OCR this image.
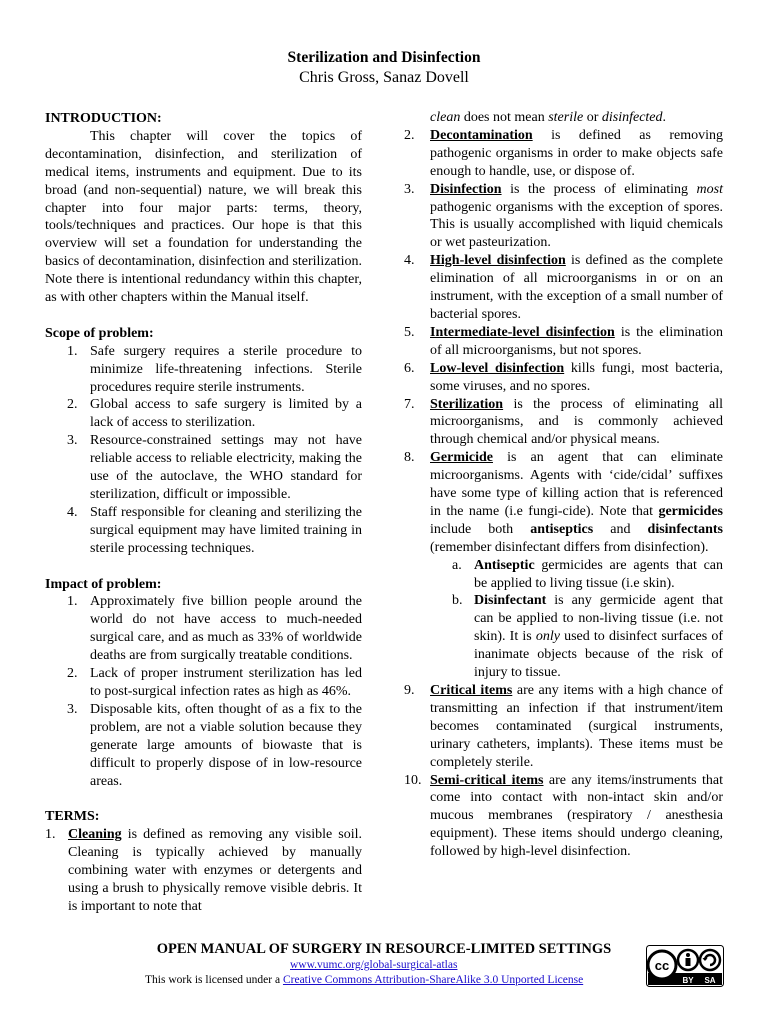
Sterilization and Disinfection
Chris Gross, Sanaz Dovell

INTRODUCTION:

This chapter will cover the topics of decontamination, disinfection, and sterilization of medical items, instruments and equipment. Due to its broad (and non-sequential) nature, we will break this chapter into four major parts: terms, theory, tools/techniques and practices. Our hope is that this overview will set a foundation for understanding the basics of decontamination, disinfection and sterilization. Note there is intentional redundancy within this chapter, as with other chapters within the Manual itself.

Scope of problem:

1. Safe surgery requires a sterile procedure to minimize life-threatening infections. Sterile procedures require sterile instruments.
2. Global access to safe surgery is limited by a lack of access to sterilization.
3. Resource-constrained settings may not have reliable access to reliable electricity, making the use of the autoclave, the WHO standard for sterilization, difficult or impossible.
4. Staff responsible for cleaning and sterilizing the surgical equipment may have limited training in sterile processing techniques.

Impact of problem:

1. Approximately five billion people around the world do not have access to much-needed surgical care, and as much as 33% of worldwide deaths are from surgically treatable conditions.
2. Lack of proper instrument sterilization has led to post-surgical infection rates as high as 46%.
3. Disposable kits, often thought of as a fix to the problem, are not a viable solution because they generate large amounts of biowaste that is difficult to properly dispose of in low-resource areas.

TERMS:

1. Cleaning is defined as removing any visible soil. Cleaning is typically achieved by manually combining water with enzymes or detergents and using a brush to physically remove visible debris. It is important to note that

clean does not mean sterile or disinfected.

2.	Decontamination is defined as removing pathogenic organisms in order to make objects safe enough to handle, use, or dispose of.
3.	Disinfection is the process of eliminating most pathogenic organisms with the exception of spores. This is usually accomplished with liquid chemicals or wet pasteurization.
4.	High-level disinfection is defined as the complete elimination of all microorganisms in or on an instrument, with the exception of a small number of bacterial spores.
5.	Intermediate-level disinfection is the elimination of all microorganisms, but not spores.
6.	Low-level disinfection kills fungi, most bacteria, some viruses, and no spores.
7.	Sterilization is the process of eliminating all microorganisms, and is commonly achieved through chemical and/or physical means.
8.	Germicide is an agent that can eliminate microorganisms. Agents with ‘cide/cidal’ suffixes have some type of killing action that is referenced in the name (i.e fungi-cide). Note that germicides include both antiseptics and disinfectants (remember disinfectant differs from disinfection).
a. Antiseptic germicides are agents that can be applied to living tissue (i.e skin).
b. Disinfectant is any germicide agent that can be applied to non-living tissue (i.e. not skin). It is only used to disinfect surfaces of inanimate objects because of the risk of injury to tissue.
9.	Critical items are any items with a high chance of transmitting an infection if that instrument/item becomes contaminated (surgical instruments, urinary catheters, implants). These items must be completely sterile.
10. Semi-critical items are any items/instruments that come into contact with non-intact skin and/or mucous membranes (respiratory / anesthesia equipment). These items should undergo cleaning, followed by high-level disinfection.
OPEN MANUAL OF SURGERY IN RESOURCE-LIMITED SETTINGS
www.vumc.org/global-surgical-atlas
This work is licensed under a Creative Commons Attribution-ShareAlike 3.0 Unported License
cc
BY SA
